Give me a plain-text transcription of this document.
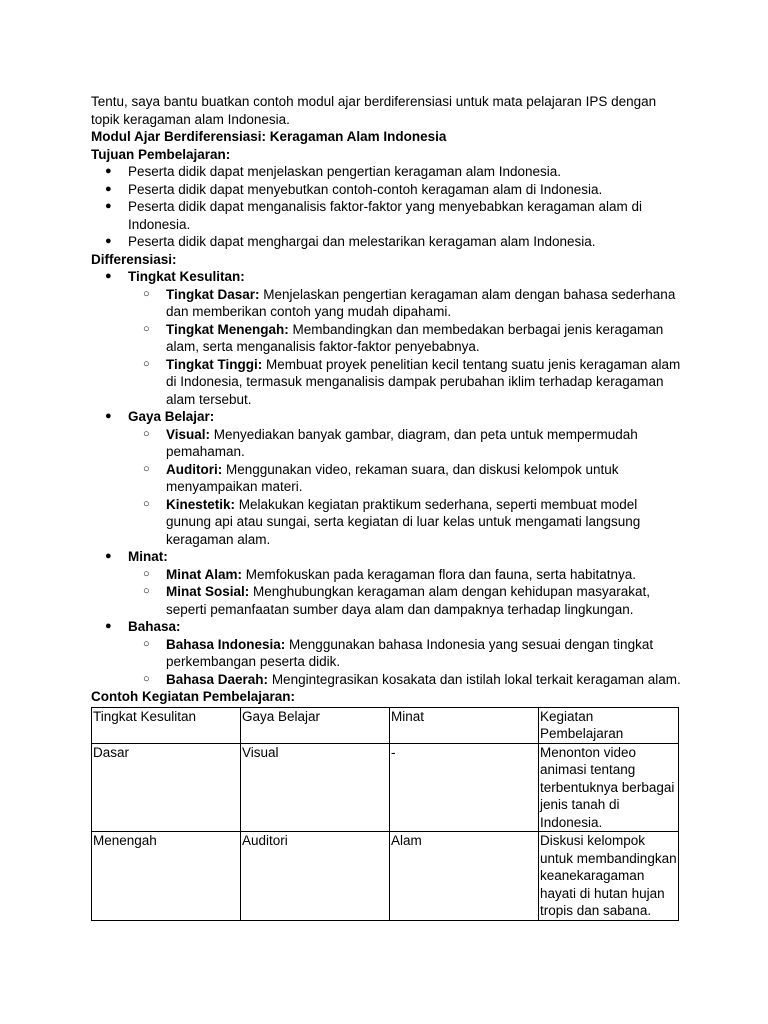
Tentu, saya bantu buatkan contoh modul ajar berdiferensiasi untuk mata pelajaran IPS dengan topik keragaman alam Indonesia.

Modul Ajar Berdiferensiasi: Keragaman Alam Indonesia

Tujuan Pembelajaran:

● Peserta didik dapat menjelaskan pengertian keragaman alam Indonesia.
● Peserta didik dapat menyebutkan contoh-contoh keragaman alam di Indonesia.
● Peserta didik dapat menganalisis faktor-faktor yang menyebabkan keragaman alam di Indonesia.
● Peserta didik dapat menghargai dan melestarikan keragaman alam Indonesia.

Differensiasi:

● Tingkat Kesulitan:
○ Tingkat Dasar: Menjelaskan pengertian keragaman alam dengan bahasa sederhana dan memberikan contoh yang mudah dipahami.
○ Tingkat Menengah: Membandingkan dan membedakan berbagai jenis keragaman alam, serta menganalisis faktor-faktor penyebabnya.
○ Tingkat Tinggi: Membuat proyek penelitian kecil tentang suatu jenis keragaman alam di Indonesia, termasuk menganalisis dampak perubahan iklim terhadap keragaman alam tersebut.
● Gaya Belajar:
○ Visual: Menyediakan banyak gambar, diagram, dan peta untuk mempermudah pemahaman.
○ Auditori: Menggunakan video, rekaman suara, dan diskusi kelompok untuk menyampaikan materi.
○ Kinestetik: Melakukan kegiatan praktikum sederhana, seperti membuat model gunung api atau sungai, serta kegiatan di luar kelas untuk mengamati langsung keragaman alam.
● Minat:
○ Minat Alam: Memfokuskan pada keragaman flora dan fauna, serta habitatnya.
○ Minat Sosial: Menghubungkan keragaman alam dengan kehidupan masyarakat, seperti pemanfaatan sumber daya alam dan dampaknya terhadap lingkungan.
● Bahasa:
○ Bahasa Indonesia: Menggunakan bahasa Indonesia yang sesuai dengan tingkat perkembangan peserta didik.
○ Bahasa Daerah: Mengintegrasikan kosakata dan istilah lokal terkait keragaman alam.

Contoh Kegiatan Pembelajaran:

Tingkat Kesulitan	Gaya Belajar	Minat	Kegiatan Pembelajaran
Dasar	Visual	-	Menonton video animasi tentang terbentuknya berbagai jenis tanah di Indonesia.
Menengah	Auditori	Alam	Diskusi kelompok untuk membandingkan keanekaragaman hayati di hutan hujan tropis dan sabana.
